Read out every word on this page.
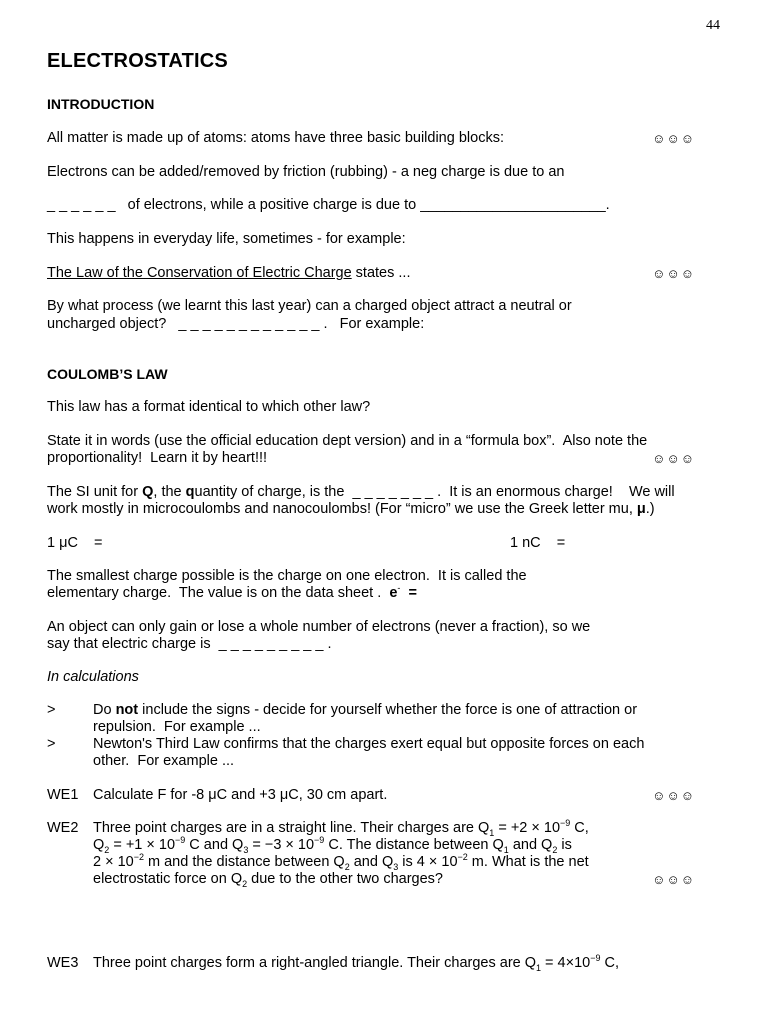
44
ELECTROSTATICS
INTRODUCTION
All matter is made up of atoms: atoms have three basic building blocks:	☺☺☺
Electrons can be added/removed by friction (rubbing) - a neg charge is due to an
_ _ _ _ _ _ of electrons, while a positive charge is due to _______________________.
This happens in everyday life, sometimes - for example:
The Law of the Conservation of Electric Charge states ...	☺☺☺
By what process (we learnt this last year) can a charged object attract a neutral or
uncharged object?   _ _ _ _ _ _ _ _ _ _ _ _ .   For example:
COULOMB’S LAW
This law has a format identical to which other law?
State it in words (use the official education dept version) and in a “formula box”.  Also note the
proportionality!  Learn it by heart!!!	☺☺☺
The SI unit for Q, the quantity of charge, is the  _ _ _ _ _ _ _ .  It is an enormous charge!    We will
work mostly in microcoulombs and nanocoulombs! (For “micro” we use the Greek letter mu, μ.)
1 μC    =	1 nC    =
The smallest charge possible is the charge on one electron.  It is called the
elementary charge.  The value is on the data sheet .  e-  =
An object can only gain or lose a whole number of electrons (never a fraction), so we
say that electric charge is  _ _ _ _ _ _ _ _ _ .
In calculations
>	Do not include the signs - decide for yourself whether the force is one of attraction or
repulsion.  For example ...
>	Newton's Third Law confirms that the charges exert equal but opposite forces on each
other.  For example ...
WE1 Calculate F for -8 μC and +3 μC, 30 cm apart.	☺☺☺
WE2 Three point charges are in a straight line. Their charges are $Q_1 = +2 \times 10^{-9}$ C,
$Q_2 = +1 \times 10^{-9}$ C and $Q_3 = -3 \times 10^{-9}$ C. The distance between $Q_1$ and $Q_2$ is
$2 \times 10^{-2}$ m and the distance between $Q_2$ and $Q_3$ is $4 \times 10^{-2}$ m. What is the net
electrostatic force on $Q_2$ due to the other two charges?	☺☺☺
WE3 Three point charges form a right-angled triangle. Their charges are $Q_1 = 4\times 10^{-9}$ C,
